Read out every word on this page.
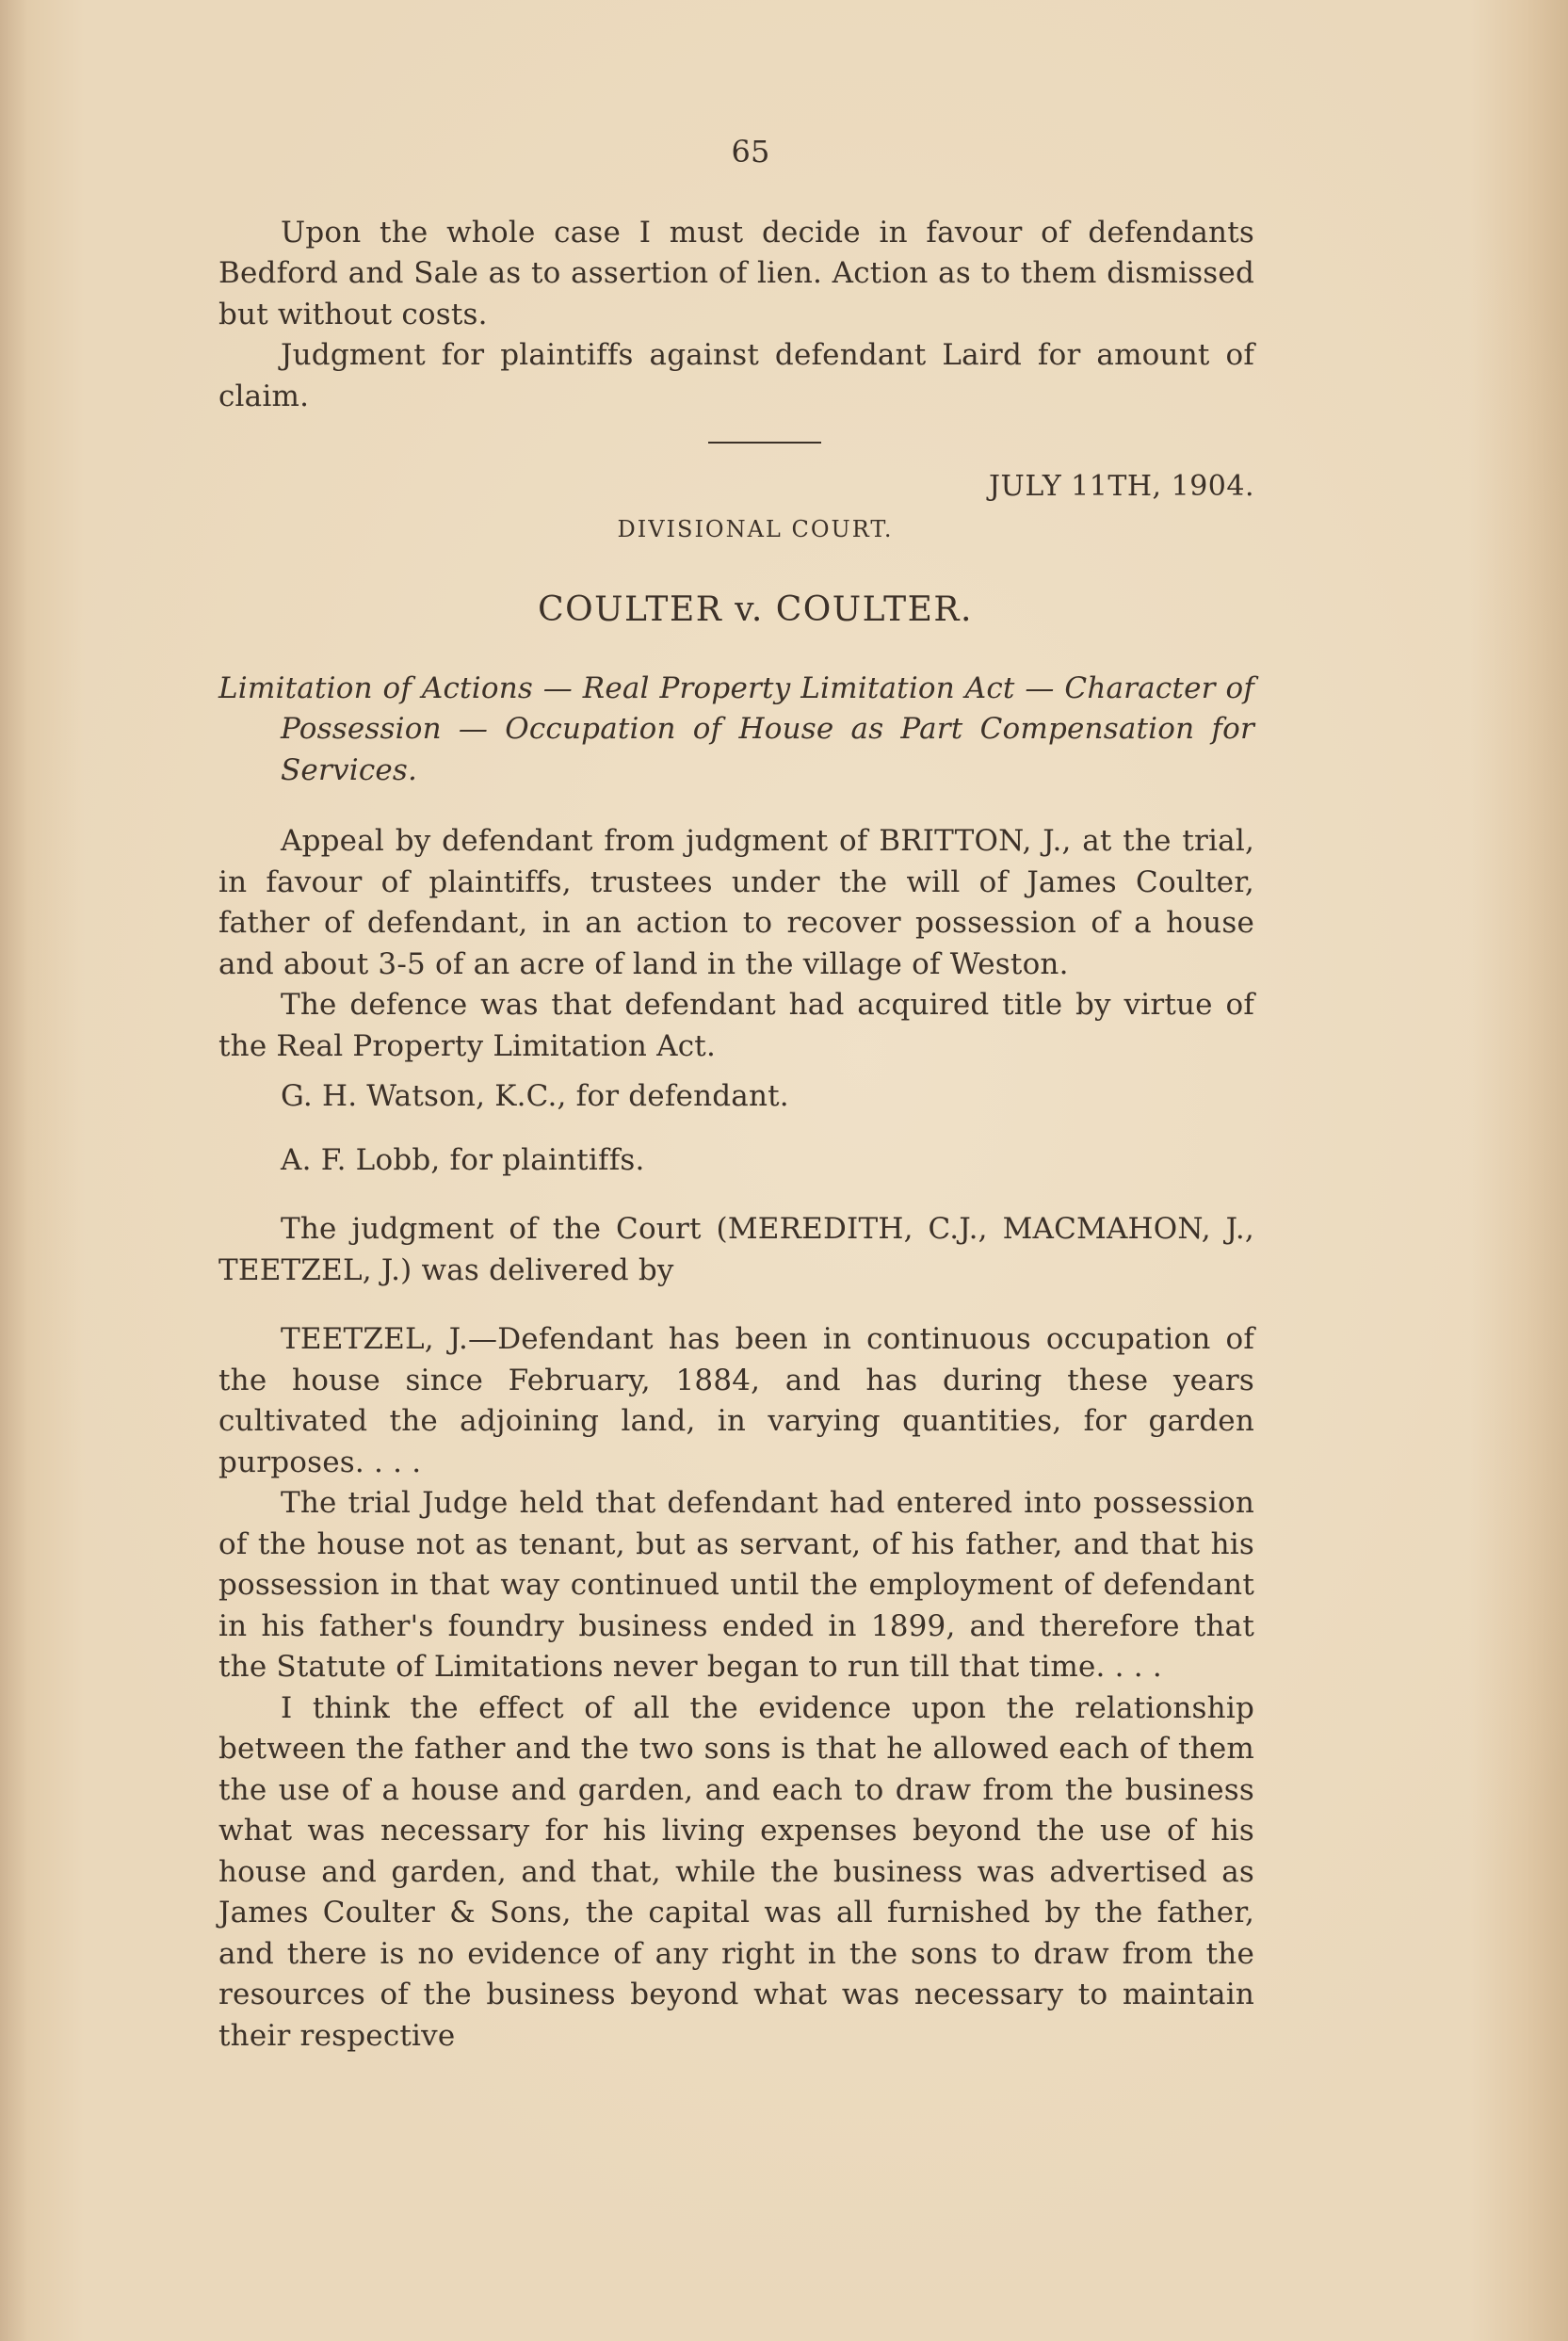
65

Upon the whole case I must decide in favour of defendants Bedford and Sale as to assertion of lien. Action as to them dismissed but without costs.

Judgment for plaintiffs against defendant Laird for amount of claim.

JULY 11TH, 1904.
DIVISIONAL COURT.
COULTER v. COULTER.
Limitation of Actions — Real Property Limitation Act — Character of Possession — Occupation of House as Part Compensation for Services.

Appeal by defendant from judgment of BRITTON, J., at the trial, in favour of plaintiffs, trustees under the will of James Coulter, father of defendant, in an action to recover possession of a house and about 3-5 of an acre of land in the village of Weston.

The defence was that defendant had acquired title by virtue of the Real Property Limitation Act.

G. H. Watson, K.C., for defendant.

A. F. Lobb, for plaintiffs.

The judgment of the Court (MEREDITH, C.J., MACMAHON, J., TEETZEL, J.) was delivered by

TEETZEL, J.—Defendant has been in continuous occupation of the house since February, 1884, and has during these years cultivated the adjoining land, in varying quantities, for garden purposes. . . .

The trial Judge held that defendant had entered into possession of the house not as tenant, but as servant, of his father, and that his possession in that way continued until the employment of defendant in his father's foundry business ended in 1899, and therefore that the Statute of Limitations never began to run till that time. . . .

I think the effect of all the evidence upon the relationship between the father and the two sons is that he allowed each of them the use of a house and garden, and each to draw from the business what was necessary for his living expenses beyond the use of his house and garden, and that, while the business was advertised as James Coulter & Sons, the capital was all furnished by the father, and there is no evidence of any right in the sons to draw from the resources of the business beyond what was necessary to maintain their respective
